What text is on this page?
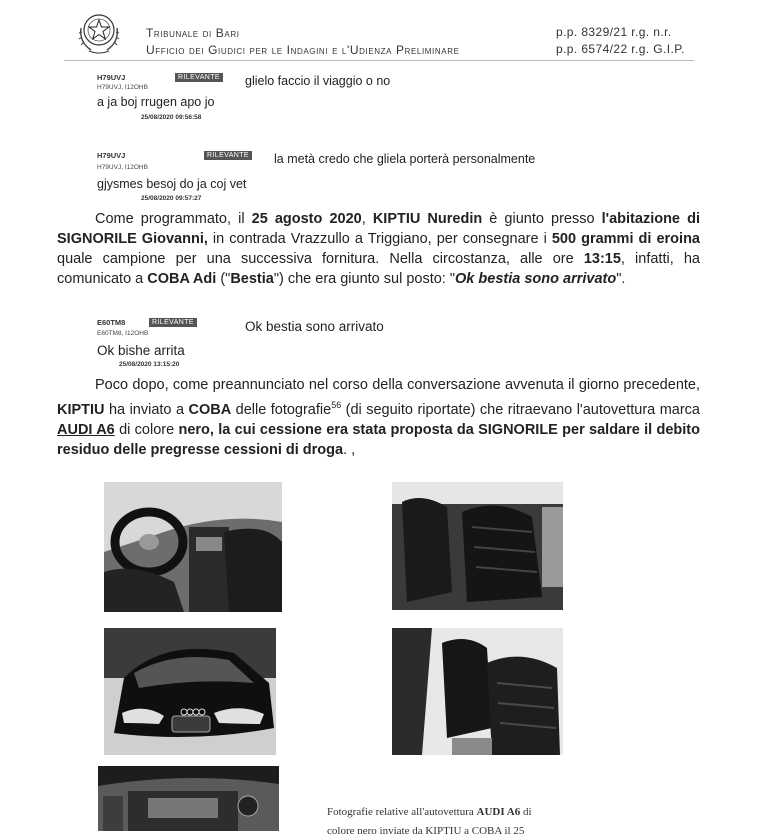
Tribunale di Bari
Ufficio dei Giudici per le Indagini e l'Udienza Preliminare
p.p. 8329/21 r.g. n.r.
p.p. 6574/22 r.g. G.I.P.
H79UVJ	RILEVANTE
H79UVJ, I12OHB
a ja boj rrugen apo jo
25/08/2020 09:56:58
glielo faccio il viaggio o no
H79UVJ	RILEVANTE
H79UVJ, I12OHB
gjysmes besoj do ja coj vet
25/08/2020 09:57:27
la metà credo che gliela porterà personalmente
Come programmato, il 25 agosto 2020, KIPTIU Nuredin è giunto presso l'abitazione di SIGNORILE Giovanni, in contrada Vrazzullo a Triggiano, per consegnare i 500 grammi di eroina quale campione per una successiva fornitura. Nella circostanza, alle ore 13:15, infatti, ha comunicato a COBA Adi ("Bestia") che era giunto sul posto: "Ok bestia sono arrivato".
E60TM8	RILEVANTE
E60TM8, I12OHB
Ok bishe arrita
25/08/2020 13:15:20
Ok bestia sono arrivato
Poco dopo, come preannunciato nel corso della conversazione avvenuta il giorno precedente, KIPTIU ha inviato a COBA delle fotografie$^{56}$ (di seguito riportate) che ritraevano l'autovettura marca AUDI A6 di colore nero, la cui cessione era stata proposta da SIGNORILE per saldare il debito residuo delle pregresse cessioni di droga. ,
Fotografie relative all'autovettura AUDI A6 di
colore nero inviate da KIPTIU a COBA il 25
